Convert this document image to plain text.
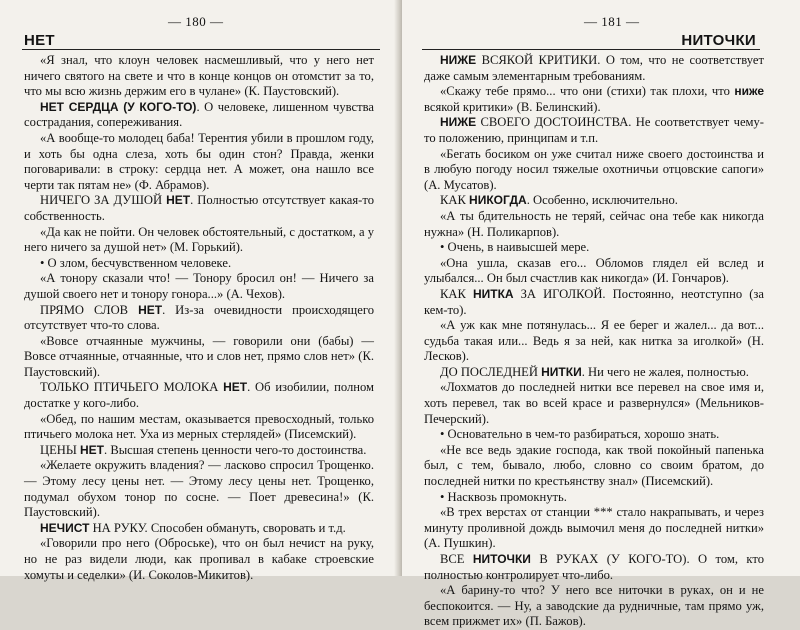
— 180 —
НЕТ

«Я знал, что клоун человек насмешливый, что у него нет ничего святого на свете и что в конце концов он отомстит за то, что мы всю жизнь держим его в чулане» (К. Паустовский).

НЕТ СЕРДЦА (У КОГО-ТО). О человеке, лишенном чувства сострадания, сопереживания.

«А вообще-то молодец баба! Терентия убили в прошлом году, и хоть бы одна слеза, хоть бы один стон? Правда, женки поговаривали: в строку: сердца нет. А может, она нашло все черти так пятам не» (Ф. Абрамов).

НИЧЕГО ЗА ДУШОЙ НЕТ. Полностью отсутствует какая-то собственность.

«Да как не пойти. Он человек обстоятельный, с достатком, а у него ничего за душой нет» (М. Горький).

• О злом, бесчувственном человеке.

«А тонору сказали что! — Тонору бросил он! — Ничего за душой своего нет и тонору гонора...» (А. Чехов).

ПРЯМО СЛОВ НЕТ. Из-за очевидности происходящего отсутствует что-то слова.

«Вовсе отчаянные мужчины, — говорили они (бабы) — Вовсе отчаянные, отчаянные, что и слов нет, прямо слов нет» (К. Паустовский).

ТОЛЬКО ПТИЧЬЕГО МОЛОКА НЕТ. Об изобилии, полном достатке у кого-либо.

«Обед, по нашим местам, оказывается превосходный, только птичьего молока нет. Уха из мерных стерлядей» (Писемский).

ЦЕНЫ НЕТ. Высшая степень ценности чего-то достоинства.

«Желаете окружить владения? — ласково спросил Трощенко. — Этому лесу цены нет. — Этому лесу цены нет. Трощенко, подумал обухом тонор по сосне. — Поет древесина!» (К. Паустовский).

НЕЧИСТ НА РУКУ. Способен обмануть, своровать и т.д.

«Говорили про него (Оброське), что он был нечист на руку, но не раз видели люди, как пропивал в кабаке строевские хомуты и седелки» (И. Соколов-Микитов).

— 181 —
НИТОЧКИ

НИЖЕ ВСЯКОЙ КРИТИКИ. О том, что не соответствует даже самым элементарным требованиям.

«Скажу тебе прямо... что они (стихи) так плохи, что ниже всякой критики» (В. Белинский).

НИЖЕ СВОЕГО ДОСТОИНСТВА. Не соответствует чему-то положению, принципам и т.п.

«Бегать босиком он уже считал ниже своего достоинства и в любую погоду носил тяжелые охотничьи отцовские сапоги» (А. Мусатов).

КАК НИКОГДА. Особенно, исключительно.

«А ты бдительность не теряй, сейчас она тебе как никогда нужна» (Н. Поликарпов).

• Очень, в наивысшей мере.

«Она ушла, сказав его... Обломов глядел ей вслед и улыбался... Он был счастлив как никогда» (И. Гончаров).

КАК НИТКА ЗА ИГОЛКОЙ. Постоянно, неотступно (за кем-то).

«А уж как мне потянулась... Я ее берег и жалел... да вот... судьба такая или... Ведь я за ней, как нитка за иголкой» (Н. Лесков).

ДО ПОСЛЕДНЕЙ НИТКИ. Ни чего не жалея, полностью.

«Лохматов до последней нитки все перевел на свое имя и, хоть перевел, так во всей красе и развернулся» (Мельников-Печерский).

• Основательно в чем-то разбираться, хорошо знать.

«Не все ведь эдакие господа, как твой покойный папенька был, с тем, бывало, любо, словно со своим братом, до последней нитки по крестьянству знал» (Писемский).

• Насквозь промокнуть.

«В трех верстах от станции *** стало накрапывать, и через минуту проливной дождь вымочил меня до последней нитки» (А. Пушкин).

ВСЕ НИТОЧКИ В РУКАХ (У КОГО-ТО). О том, кто полностью контролирует что-либо.

«А барину-то что? У него все ниточки в руках, он и не беспокоится. — Ну, а заводские да рудничные, там прямо уж, всем прижмет их» (П. Бажов).
